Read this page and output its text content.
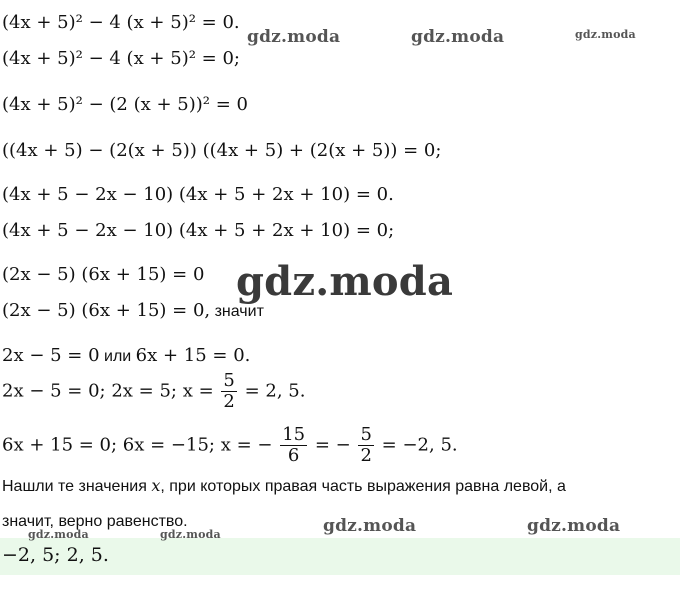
(4x + 5)² − 4 (x + 5)² = 0.
(4x + 5)² − 4 (x + 5)² = 0;
(4x + 5)² − (2 (x + 5))² = 0
((4x + 5) − (2(x + 5)) ((4x + 5) + (2(x + 5)) = 0;
(4x + 5 − 2x − 10) (4x + 5 + 2x + 10) = 0.
(4x + 5 − 2x − 10) (4x + 5 + 2x + 10) = 0;
(2x − 5) (6x + 15) = 0
(2x − 5) (6x + 15) = 0, значит
2x − 5 = 0 или 6x + 15 = 0.
2x − 5 = 0; 2x = 5; $x = \frac{5}{2} = 2$, 5.
6x + 15 = 0; 6x = −15; x = − $\frac{15}{6}$ = − $\frac{5}{2} = -2$, 5.
Нашли те значения x, при которых правая часть выражения равна левой, а
значит, верно равенство.
−2, 5; 2, 5.
gdz.moda	gdz.moda	gdz.moda
gdz.moda
gdz.moda	gdz.moda
gdz.moda	gdz.moda
